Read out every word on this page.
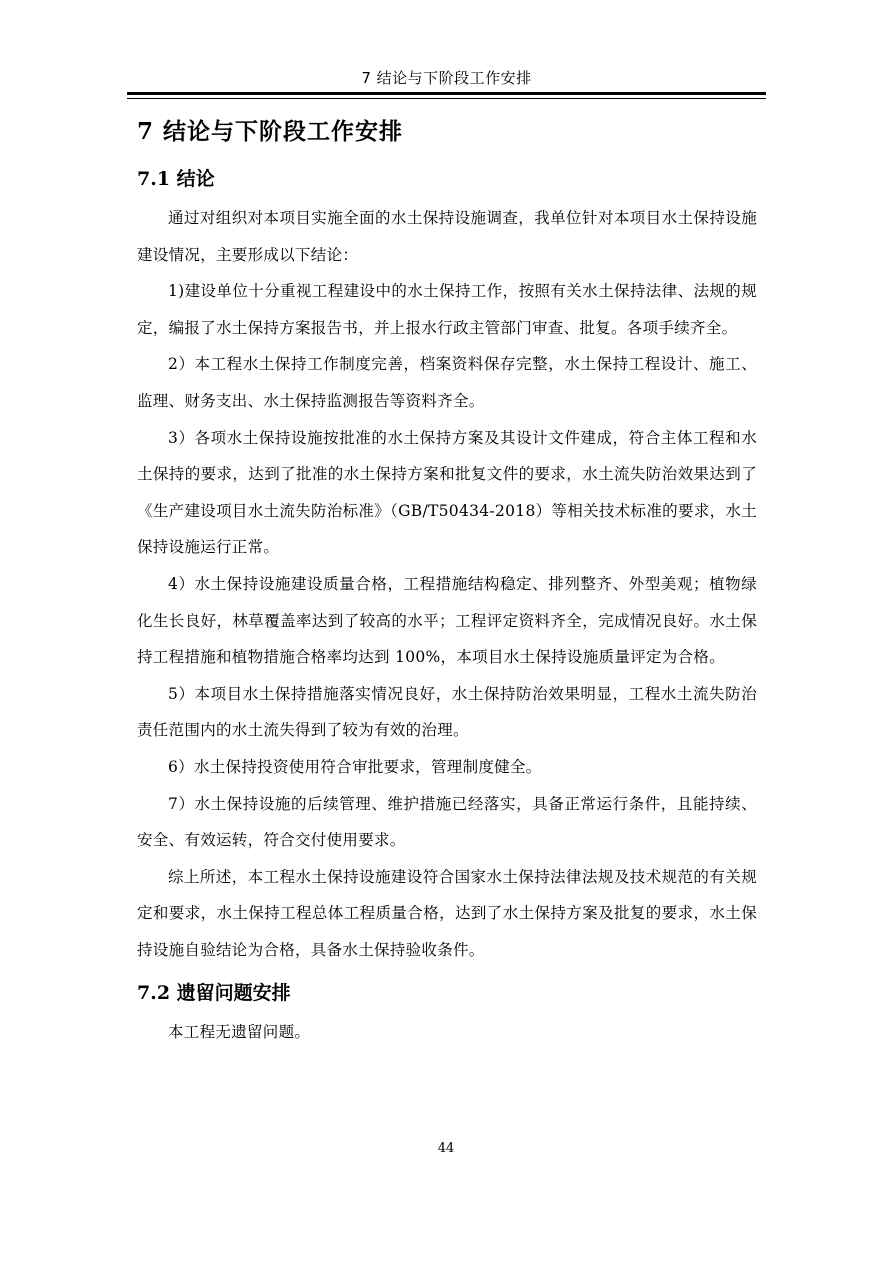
7 结论与下阶段工作安排
7 结论与下阶段工作安排
7.1 结论

通过对组织对本项目实施全面的水土保持设施调查，我单位针对本项目水土保持设施建设情况，主要形成以下结论：

1)建设单位十分重视工程建设中的水土保持工作，按照有关水土保持法律、法规的规定，编报了水土保持方案报告书，并上报水行政主管部门审查、批复。各项手续齐全。

2）本工程水土保持工作制度完善，档案资料保存完整，水土保持工程设计、施工、监理、财务支出、水土保持监测报告等资料齐全。

3）各项水土保持设施按批准的水土保持方案及其设计文件建成，符合主体工程和水土保持的要求，达到了批准的水土保持方案和批复文件的要求，水土流失防治效果达到了《生产建设项目水土流失防治标准》（GB/T50434-2018）等相关技术标准的要求，水土保持设施运行正常。

4）水土保持设施建设质量合格，工程措施结构稳定、排列整齐、外型美观；植物绿化生长良好，林草覆盖率达到了较高的水平；工程评定资料齐全，完成情况良好。水土保持工程措施和植物措施合格率均达到 100%，本项目水土保持设施质量评定为合格。

5）本项目水土保持措施落实情况良好，水土保持防治效果明显，工程水土流失防治责任范围内的水土流失得到了较为有效的治理。

6）水土保持投资使用符合审批要求，管理制度健全。

7）水土保持设施的后续管理、维护措施已经落实，具备正常运行条件，且能持续、安全、有效运转，符合交付使用要求。

综上所述，本工程水土保持设施建设符合国家水土保持法律法规及技术规范的有关规定和要求，水土保持工程总体工程质量合格，达到了水土保持方案及批复的要求，水土保持设施自验结论为合格，具备水土保持验收条件。

7.2 遗留问题安排

本工程无遗留问题。

44
